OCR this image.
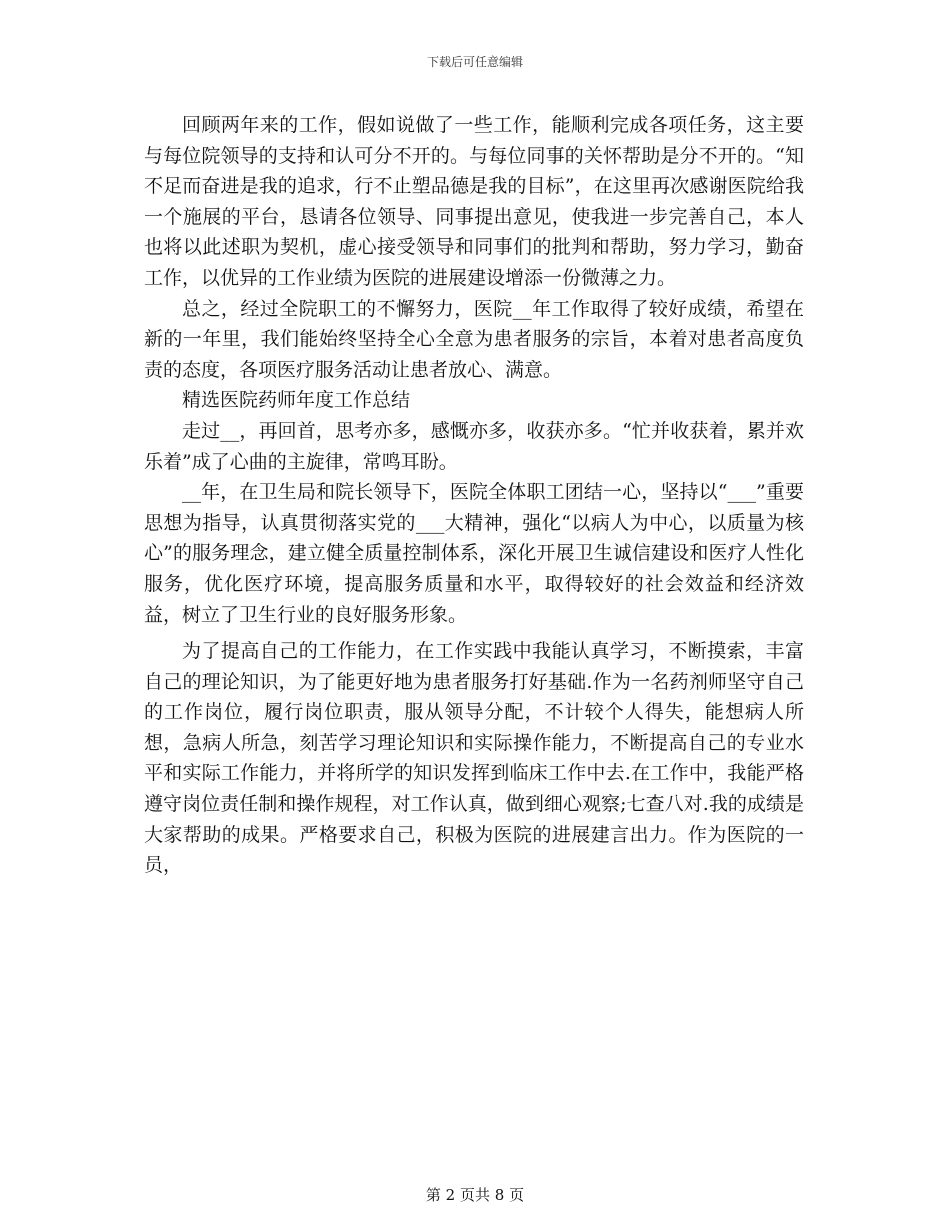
下载后可任意编辑

回顾两年来的工作，假如说做了一些工作，能顺利完成各项任务，这主要与每位院领导的支持和认可分不开的。与每位同事的关怀帮助是分不开的。“知不足而奋进是我的追求，行不止塑品德是我的目标”，在这里再次感谢医院给我一个施展的平台，恳请各位领导、同事提出意见，使我进一步完善自己，本人也将以此述职为契机，虚心接受领导和同事们的批判和帮助，努力学习，勤奋工作，以优异的工作业绩为医院的进展建设增添一份微薄之力。

总之，经过全院职工的不懈努力，医院__年工作取得了较好成绩，希望在新的一年里，我们能始终坚持全心全意为患者服务的宗旨，本着对患者高度负责的态度，各项医疗服务活动让患者放心、满意。

精选医院药师年度工作总结

走过__，再回首，思考亦多，感慨亦多，收获亦多。“忙并收获着，累并欢乐着”成了心曲的主旋律，常鸣耳盼。

__年，在卫生局和院长领导下，医院全体职工团结一心，坚持以“___”重要思想为指导，认真贯彻落实党的___大精神，强化“以病人为中心，以质量为核心”的服务理念，建立健全质量控制体系，深化开展卫生诚信建设和医疗人性化服务，优化医疗环境，提高服务质量和水平，取得较好的社会效益和经济效益，树立了卫生行业的良好服务形象。

为了提高自己的工作能力，在工作实践中我能认真学习，不断摸索，丰富自己的理论知识，为了能更好地为患者服务打好基础.作为一名药剂师坚守自己的工作岗位，履行岗位职责，服从领导分配，不计较个人得失，能想病人所想，急病人所急，刻苦学习理论知识和实际操作能力，不断提高自己的专业水平和实际工作能力，并将所学的知识发挥到临床工作中去.在工作中，我能严格遵守岗位责任制和操作规程，对工作认真，做到细心观察;七查八对.我的成绩是大家帮助的成果。严格要求自己，积极为医院的进展建言出力。作为医院的一员，

第 2 页共 8 页
